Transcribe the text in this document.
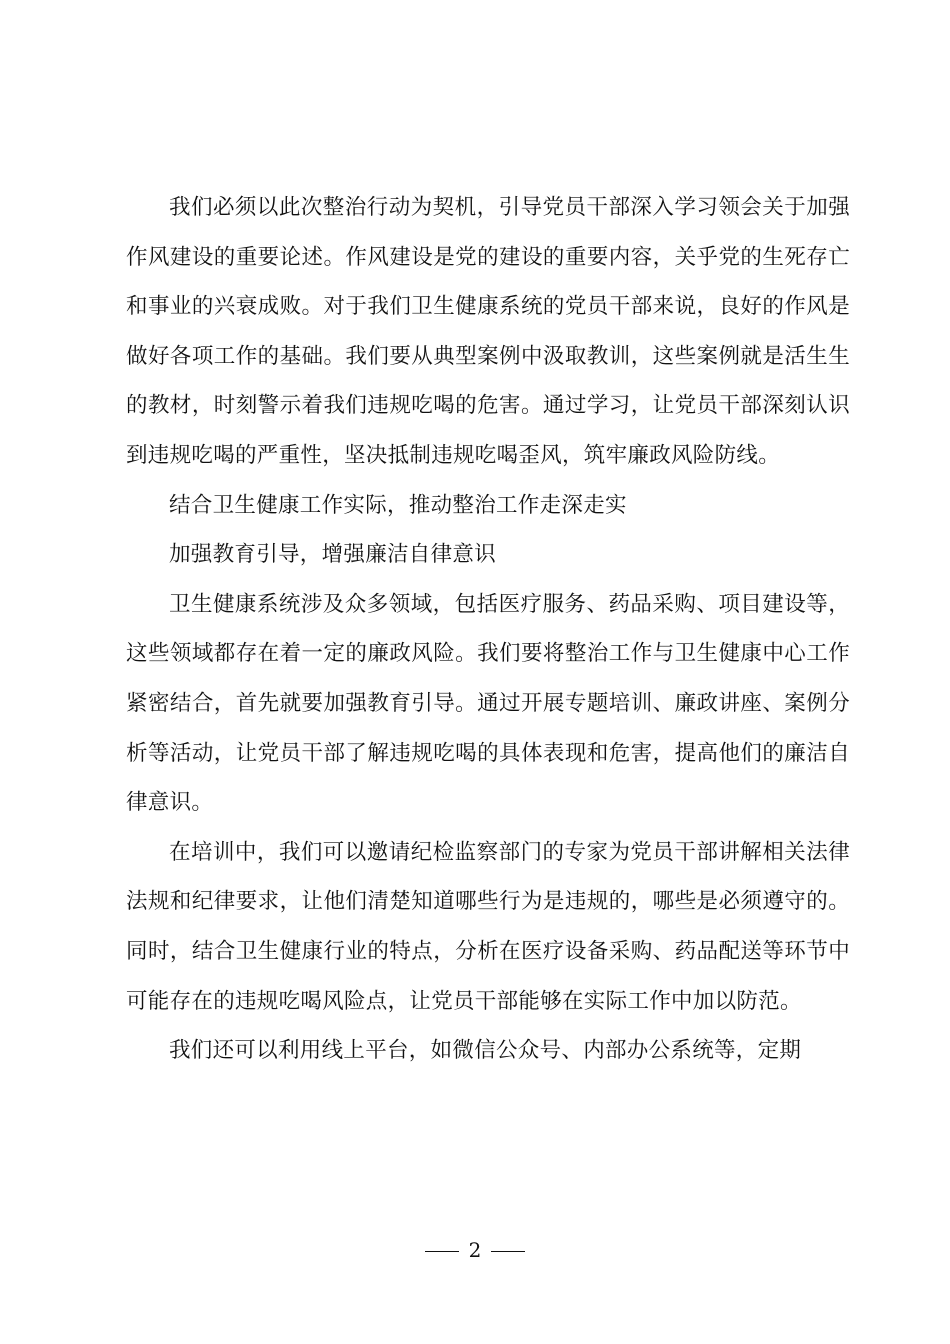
我们必须以此次整治行动为契机，引导党员干部深入学习领会关于加强作风建设的重要论述。作风建设是党的建设的重要内容，关乎党的生死存亡和事业的兴衰成败。对于我们卫生健康系统的党员干部来说，良好的作风是做好各项工作的基础。我们要从典型案例中汲取教训，这些案例就是活生生的教材，时刻警示着我们违规吃喝的危害。通过学习，让党员干部深刻认识到违规吃喝的严重性，坚决抵制违规吃喝歪风，筑牢廉政风险防线。

结合卫生健康工作实际，推动整治工作走深走实

加强教育引导，增强廉洁自律意识

卫生健康系统涉及众多领域，包括医疗服务、药品采购、项目建设等，这些领域都存在着一定的廉政风险。我们要将整治工作与卫生健康中心工作紧密结合，首先就要加强教育引导。通过开展专题培训、廉政讲座、案例分析等活动，让党员干部了解违规吃喝的具体表现和危害，提高他们的廉洁自律意识。

在培训中，我们可以邀请纪检监察部门的专家为党员干部讲解相关法律法规和纪律要求，让他们清楚知道哪些行为是违规的，哪些是必须遵守的。同时，结合卫生健康行业的特点，分析在医疗设备采购、药品配送等环节中可能存在的违规吃喝风险点，让党员干部能够在实际工作中加以防范。

我们还可以利用线上平台，如微信公众号、内部办公系统等，定期

2
